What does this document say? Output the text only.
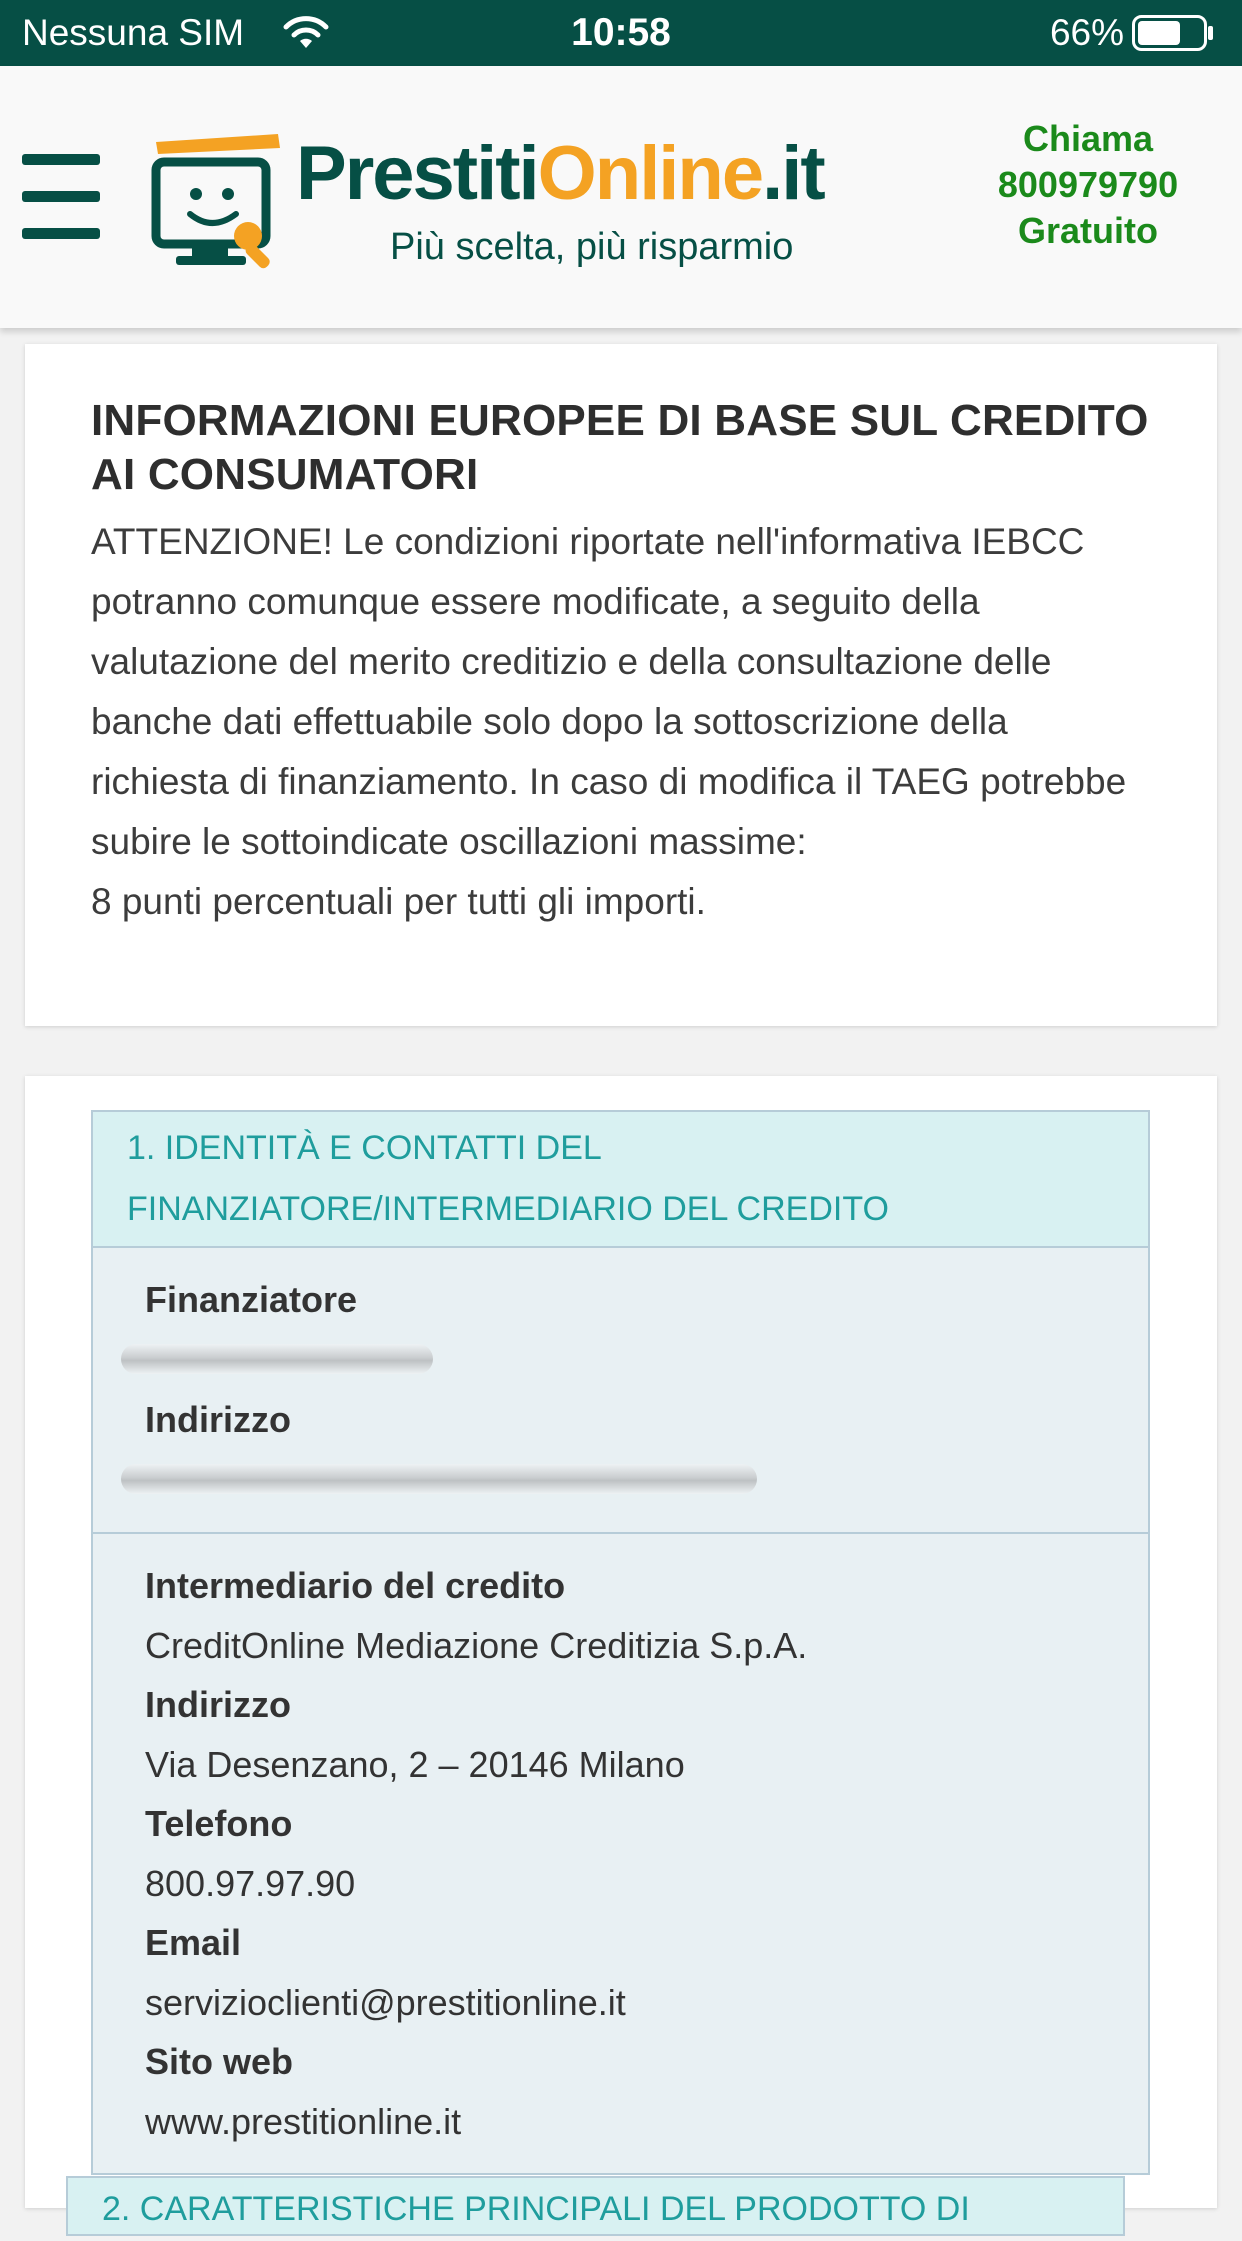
Nessuna SIM	10:58	66%
PrestitiOnline.it
Più scelta, più risparmio
Chiama
800979790
Gratuito
INFORMAZIONI EUROPEE DI BASE SUL CREDITO AI CONSUMATORI
ATTENZIONE! Le condizioni riportate nell'informativa IEBCC potranno comunque essere modificate, a seguito della valutazione del merito creditizio e della consultazione delle banche dati effettuabile solo dopo la sottoscrizione della richiesta di finanziamento. In caso di modifica il TAEG potrebbe subire le sottoindicate oscillazioni massime:
8 punti percentuali per tutti gli importi.
1. IDENTITÀ E CONTATTI DEL FINANZIATORE/INTERMEDIARIO DEL CREDITO
Finanziatore
Indirizzo
Intermediario del credito
CreditOnline Mediazione Creditizia S.p.A.
Indirizzo
Via Desenzano, 2 – 20146 Milano
Telefono
800.97.97.90
Email
servizioclienti@prestitionline.it
Sito web
www.prestitionline.it
2. CARATTERISTICHE PRINCIPALI DEL PRODOTTO DI
